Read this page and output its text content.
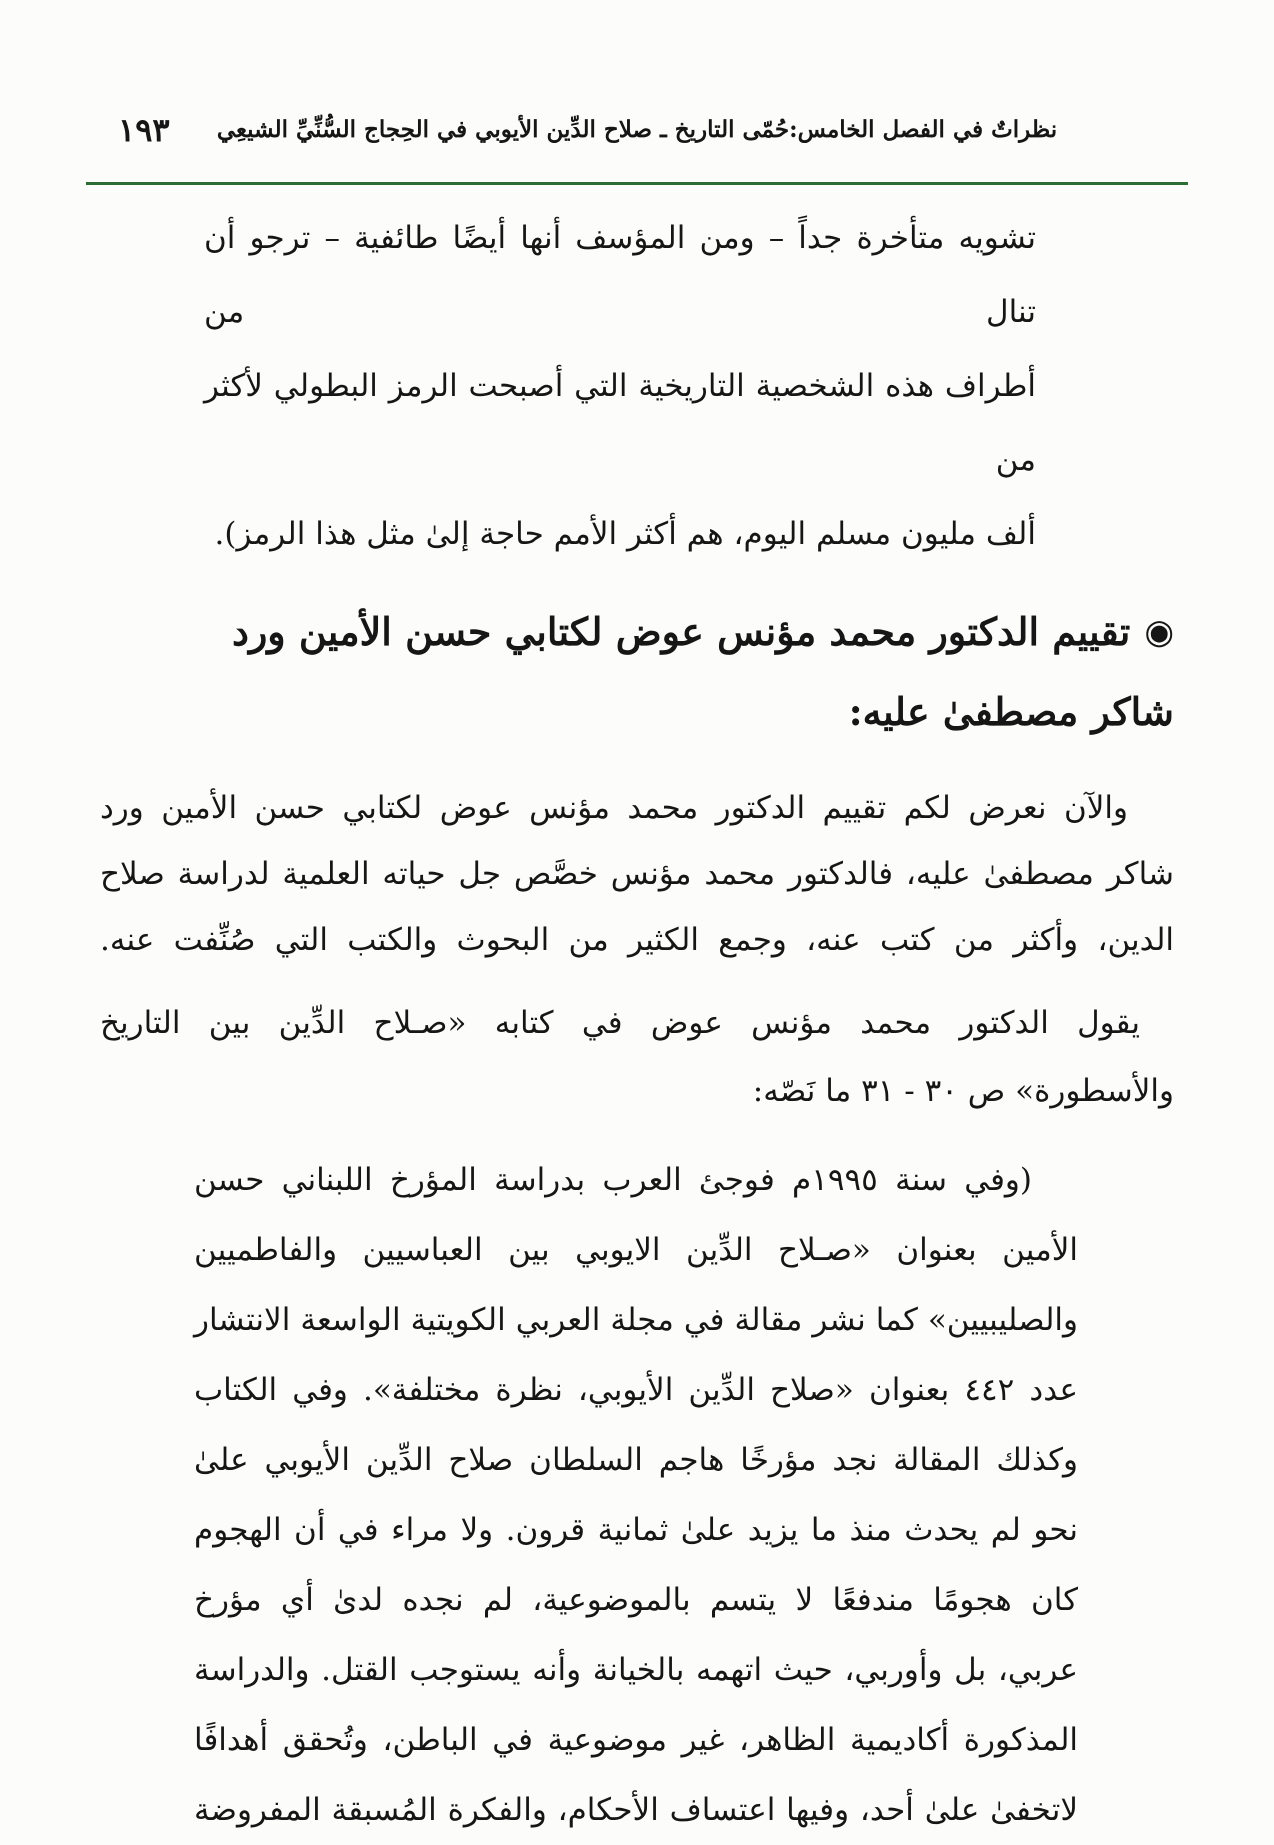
١٩٣	نظراتٌ في الفصل الخامس:حُمّى التاريخ ـ صلاح الدِّين الأيوبي في الحِجاج السُّنِّيِّ الشيعِي
تشويه متأخرة جداً – ومن المؤسف أنها أيضًا طائفية – ترجو أن تنال من
أطراف هذه الشخصية التاريخية التي أصبحت الرمز البطولي لأكثر من
ألف مليون مسلم اليوم، هم أكثر الأمم حاجة إلىٰ مثل هذا الرمز).
◉تقييم الدكتور محمد مؤنس عوض لكتابي حسن الأمين ورد
شاكر مصطفىٰ عليه:
والآن نعرض لكم تقييم الدكتور محمد مؤنس عوض لكتابي حسن الأمين ورد
شاكر مصطفىٰ عليه، فالدكتور محمد مؤنس خصَّص جل حياته العلمية لدراسة صلاح
الدين، وأكثر من كتب عنه، وجمع الكثير من البحوث والكتب التي صُنِّفت عنه.
يقول الدكتور محمد مؤنس عوض في كتابه «صـلاح الدِّين بين التاريخ
والأسطورة» ص ٣٠ - ٣١ ما نَصّه:
(وفي سنة ١٩٩٥م فوجئ العرب بدراسة المؤرخ اللبناني حسن
الأمين بعنوان «صـلاح الدِّين الايوبي بين العباسيين والفاطميين
والصليبيين» كما نشر مقالة في مجلة العربي الكويتية الواسعة الانتشار
عدد ٤٤٢ بعنوان «صلاح الدِّين الأيوبي، نظرة مختلفة». وفي الكتاب
وكذلك المقالة نجد مؤرخًا هاجم السلطان صلاح الدِّين الأيوبي علىٰ
نحو لم يحدث منذ ما يزيد علىٰ ثمانية قرون. ولا مراء في أن الهجوم
كان هجومًا مندفعًا لا يتسم بالموضوعية، لم نجده لدىٰ أي مؤرخ
عربي، بل وأوربي، حيث اتهمه بالخيانة وأنه يستوجب القتل. والدراسة
المذكورة أكاديمية الظاهر، غير موضوعية في الباطن، وتُحقق أهدافًا
لاتخفىٰ علىٰ أحد، وفيها اعتساف الأحكام، والفكرة المُسبقة المفروضة
